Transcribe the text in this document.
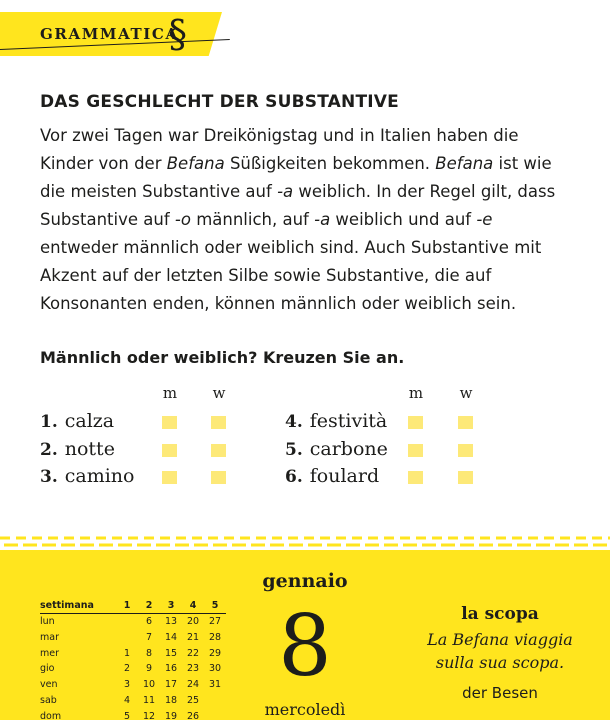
GRAMMATICA
§
DAS GESCHLECHT DER SUBSTANTIVE

Vor zwei Tagen war Dreikönigstag und in Italien haben die Kinder von der Befana Süßigkeiten bekommen. Befana ist wie die meisten Substantive auf -a weiblich. In der Regel gilt, dass Substantive auf -o männlich, auf -a weiblich und auf -e entweder männlich oder weiblich sind. Auch Substantive mit Akzent auf der letzten Silbe sowie Substantive, die auf Konsonanten enden, können männlich oder weiblich sein.

Männlich oder weiblich? Kreuzen Sie an.
m w	m w
1. calza
2. notte
3. camino
4. festività
5. carbone
6. foulard
settimana	1	2	3	4	5
lun		6	13	20	27
mar		7	14	21	28
mer	1	8	15	22	29
gio	2	9	16	23	30
ven	3	10	17	24	31
sab	4	11	18	25	
dom	5	12	19	26	
gennaio
8
mercoledì
la scopa
La Befana viaggia
sulla sua scopa.
der Besen
